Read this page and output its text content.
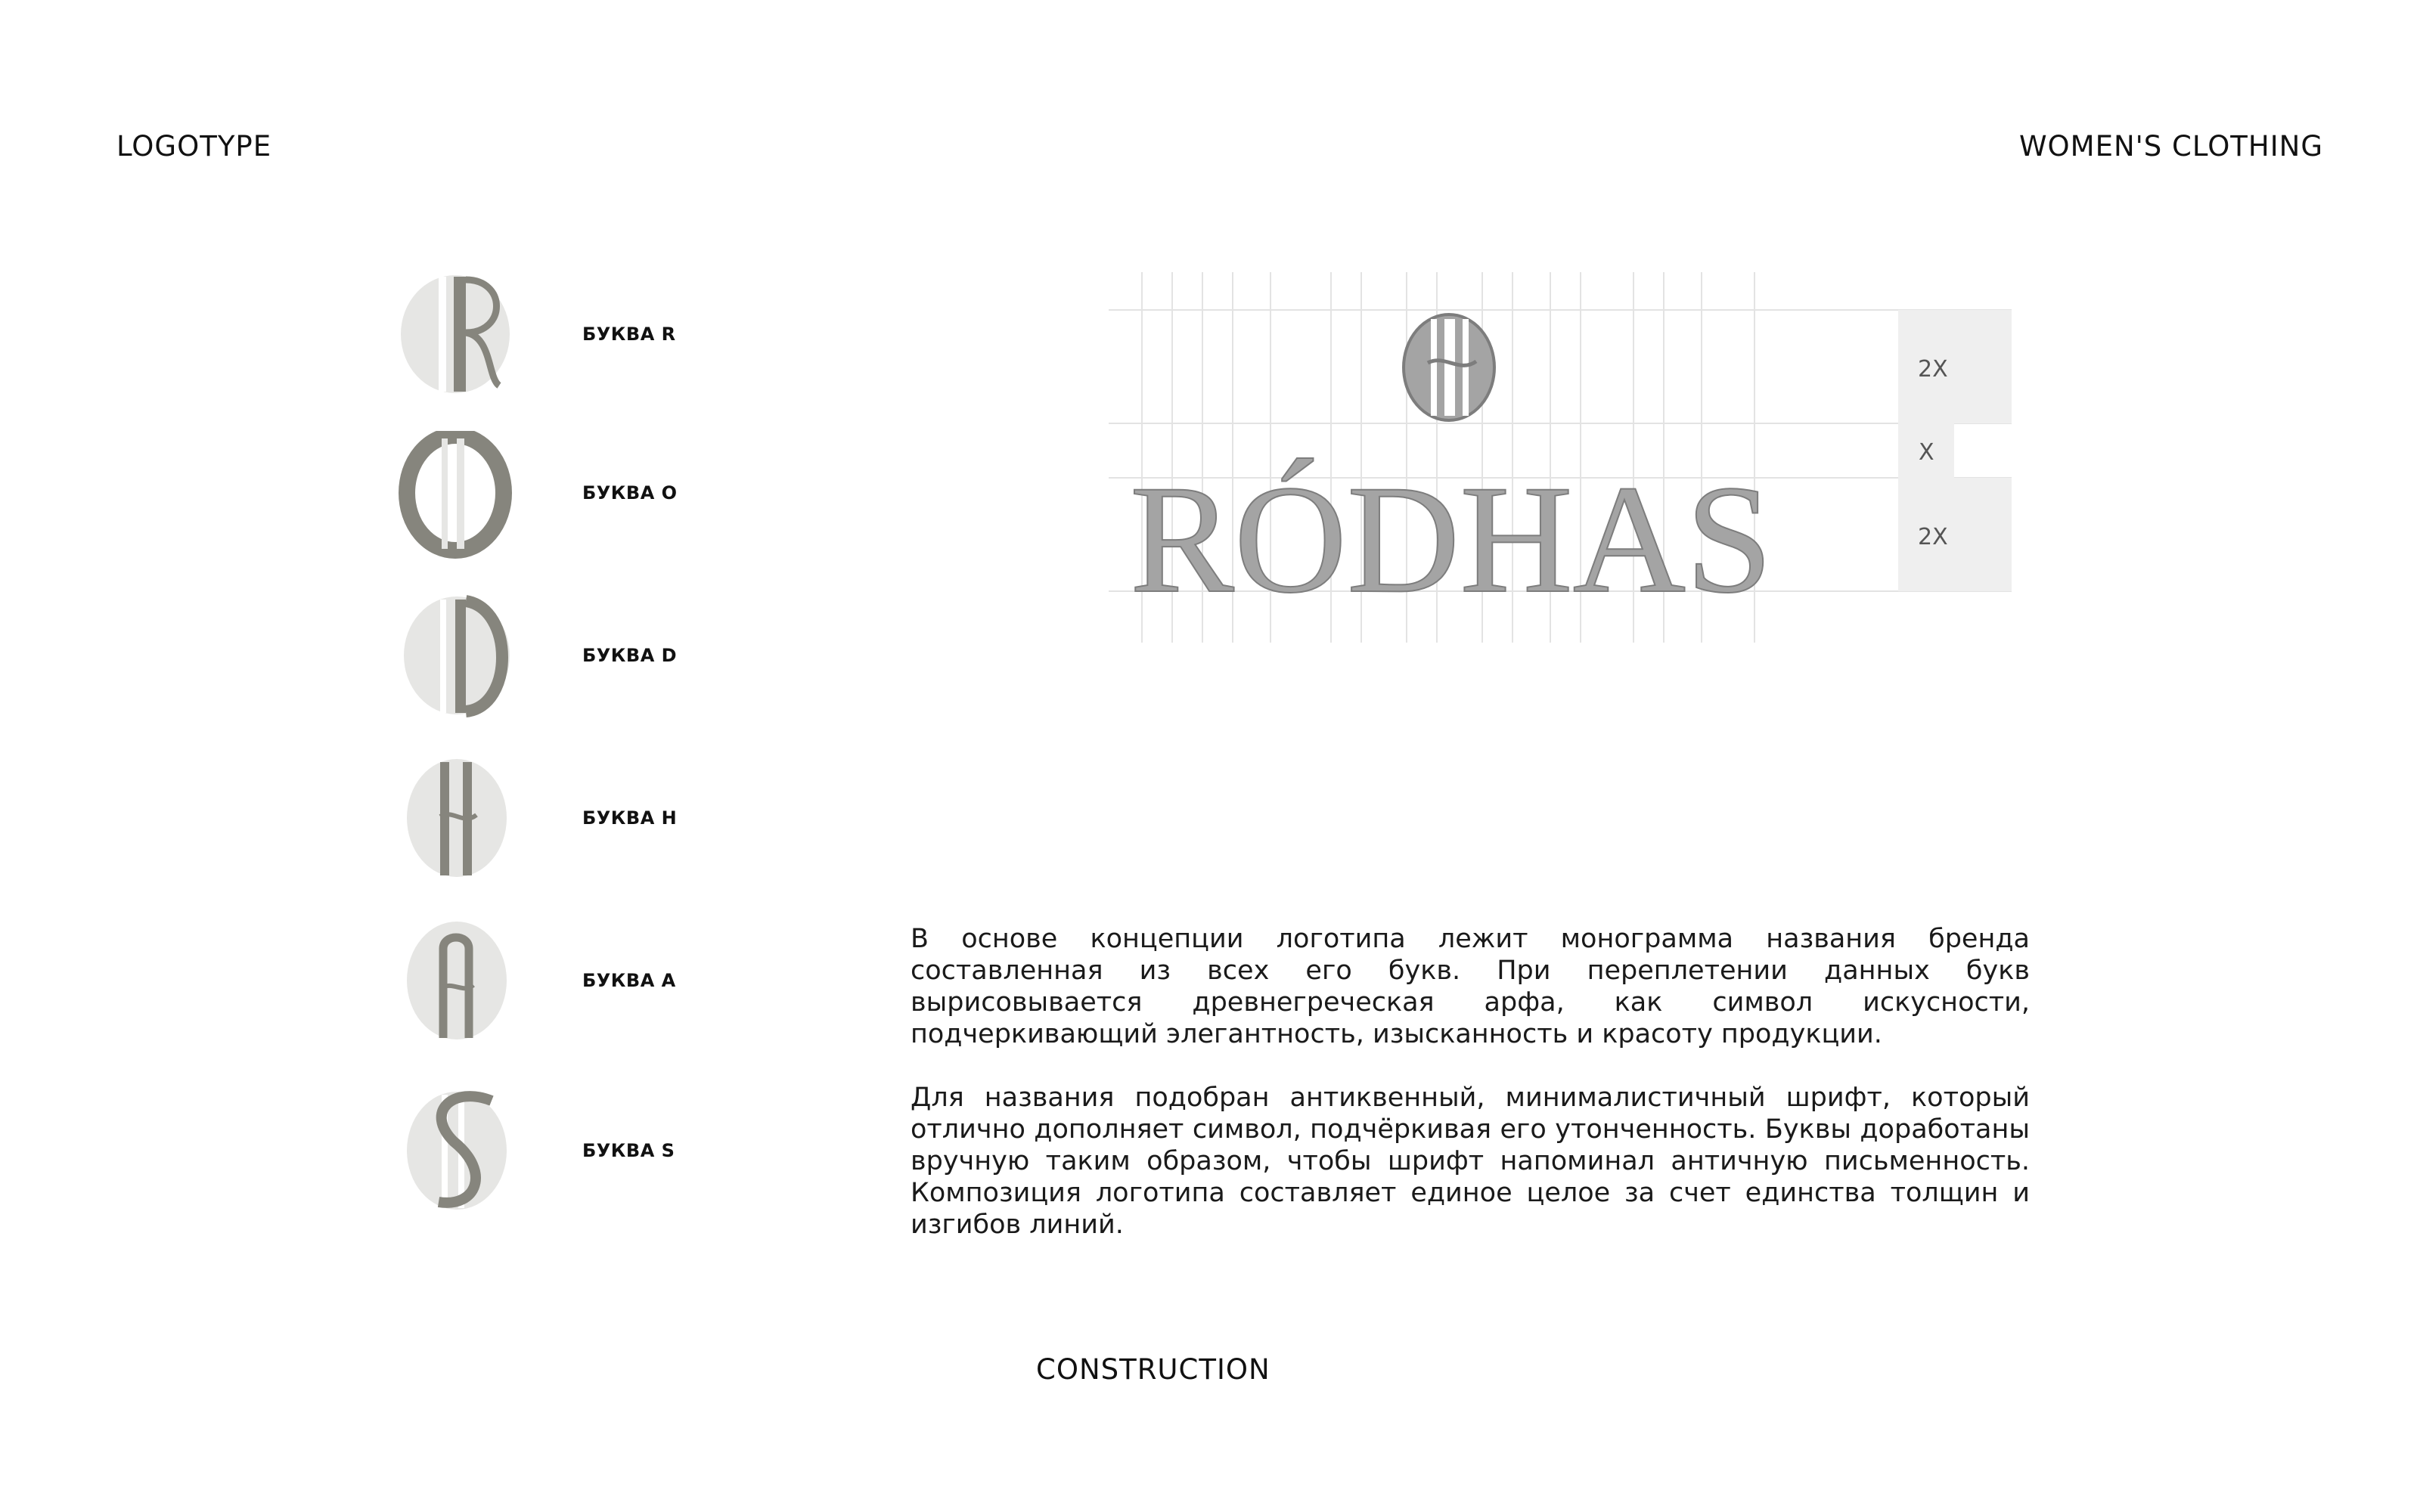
LOGOTYPE	WOMEN'S CLOTHING
БУКВА R
БУКВА O
БУКВА D
БУКВА H
БУКВА A
БУКВА S
2X
X
2X
RÓDHAS

В основе концепции логотипа лежит монограмма названия бренда составленная из всех его букв. При переплетении данных букв вырисовывается древнегреческая арфа, как символ искусности, подчеркивающий элегантность, изысканность и красоту продукции.

Для названия подобран антиквенный, минималистичный шрифт, который отлично дополняет символ, подчёркивая его утонченность. Буквы доработаны вручную таким образом, чтобы шрифт напоминал античную письменность. Композиция логотипа составляет единое целое за счет единства толщин и изгибов линий.

CONSTRUCTION
